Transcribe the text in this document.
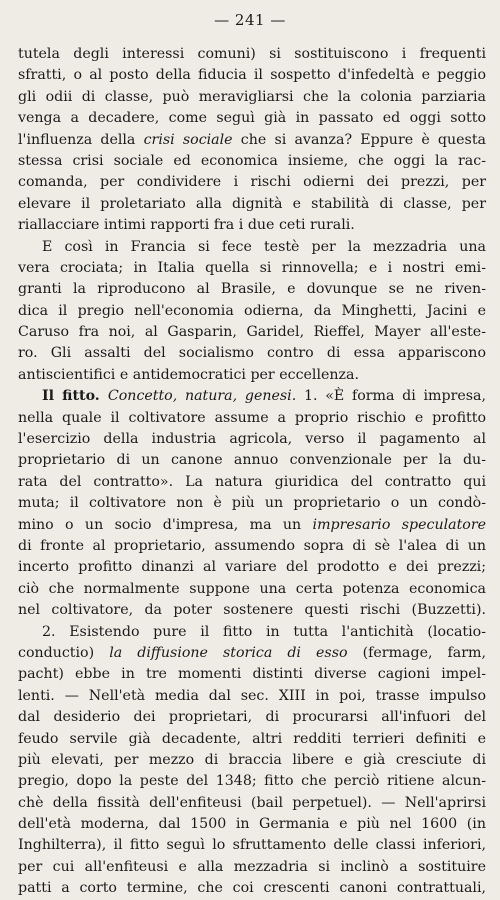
— 241 —
tutela degli interessi comuni) si sostituiscono i frequenti
sfratti, o al posto della fiducia il sospetto d'infedeltà e peggio
gli odii di classe, può meravigliarsi che la colonia parziaria
venga a decadere, come seguì già in passato ed oggi sotto
l'influenza della crisi sociale che si avanza? Eppure è questa
stessa crisi sociale ed economica insieme, che oggi la rac-
comanda, per condividere i rischi odierni dei prezzi, per
elevare il proletariato alla dignità e stabilità di classe, per
riallacciare intimi rapporti fra i due ceti rurali.
E così in Francia si fece testè per la mezzadria una
vera crociata; in Italia quella si rinnovella; e i nostri emi-
granti la riproducono al Brasile, e dovunque se ne riven-
dica il pregio nell'economia odierna, da Minghetti, Jacini e
Caruso fra noi, al Gasparin, Garidel, Rieffel, Mayer all'este-
ro. Gli assalti del socialismo contro di essa appariscono
antiscientifici e antidemocratici per eccellenza.
Il fitto. Concetto, natura, genesi. 1. «È forma di impresa,
nella quale il coltivatore assume a proprio rischio e profitto
l'esercizio della industria agricola, verso il pagamento al
proprietario di un canone annuo convenzionale per la du-
rata del contratto». La natura giuridica del contratto qui
muta; il coltivatore non è più un proprietario o un condò-
mino o un socio d'impresa, ma un impresario speculatore
di fronte al proprietario, assumendo sopra di sè l'alea di un
incerto profitto dinanzi al variare del prodotto e dei prezzi;
ciò che normalmente suppone una certa potenza economica
nel coltivatore, da poter sostenere questi rischi (Buzzetti).
2. Esistendo pure il fitto in tutta l'antichità (locatio-
conductio) la diffusione storica di esso (fermage, farm,
pacht) ebbe in tre momenti distinti diverse cagioni impel-
lenti. — Nell'età media dal sec. XIII in poi, trasse impulso
dal desiderio dei proprietari, di procurarsi all'infuori del
feudo servile già decadente, altri redditi terrieri definiti e
più elevati, per mezzo di braccia libere e già cresciute di
pregio, dopo la peste del 1348; fitto che perciò ritiene alcun-
chè della fissità dell'enfiteusi (bail perpetuel). — Nell'aprirsi
dell'età moderna, dal 1500 in Germania e più nel 1600 (in
Inghilterra), il fitto seguì lo sfruttamento delle classi inferiori,
per cui all'enfiteusi e alla mezzadria si inclinò a sostituire
patti a corto termine, che coi crescenti canoni contrattuali,
